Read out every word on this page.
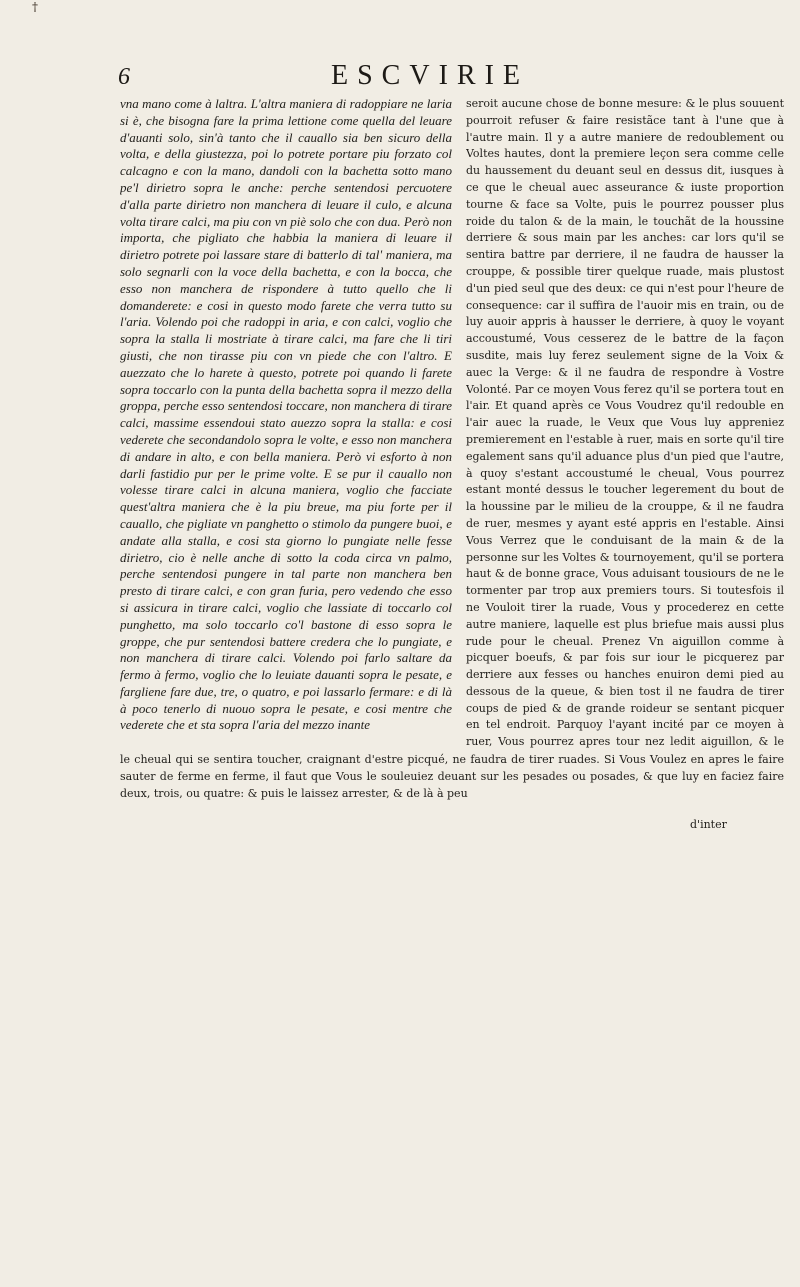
†
6	ESCVIRIE

vna mano come à laltra. L'altra maniera di radoppiare ne laria si è, che bisogna fare la prima lettione come quella del leuare d'auanti solo, sin'à tanto che il cauallo sia ben sicuro della volta, e della giustezza, poi lo potrete portare piu forzato col calcagno e con la mano, dandoli con la bachetta sotto mano pe'l dirietro sopra le anche: perche sentendosi percuotere d'alla parte dirietro non manchera di leuare il culo, e alcuna volta tirare calci, ma piu con vn piè solo che con dua. Però non importa, che pigliato che habbia la maniera di leuare il dirietro potrete poi lassare stare di batterlo di tal' maniera, ma solo segnarli con la voce della bachetta, e con la bocca, che esso non manchera de rispondere à tutto quello che li domanderete: e cosi in questo modo farete che verra tutto su l'aria. Volendo poi che radoppi in aria, e con calci, voglio che sopra la stalla li mostriate à tirare calci, ma fare che li tiri giusti, che non tirasse piu con vn piede che con l'altro. E auezzato che lo harete à questo, potrete poi quando li farete sopra toccarlo con la punta della bachetta sopra il mezzo della groppa, perche esso sentendosi toccare, non manchera di tirare calci, massime essendoui stato auezzo sopra la stalla: e cosi vederete che secondandolo sopra le volte, e esso non manchera di andare in alto, e con bella maniera. Però vi esforto à non darli fastidio pur per le prime volte. E se pur il cauallo non volesse tirare calci in alcuna maniera, voglio che facciate quest'altra maniera che è la piu breue, ma piu forte per il cauallo, che pigliate vn panghetto o stimolo da pungere buoi, e andate alla stalla, e cosi sta giorno lo pungiate nelle fesse dirietro, cio è nelle anche di sotto la coda circa vn palmo, perche sentendosi pungere in tal parte non manchera ben presto di tirare calci, e con gran furia, pero vedendo che esso si assicura in tirare calci, voglio che lassiate di toccarlo col punghetto, ma solo toccarlo co'l bastone di esso sopra le groppe, che pur sentendosi battere credera che lo pungiate, e non manchera di tirare calci. Volendo poi farlo saltare da fermo à fermo, voglio che lo leuiate dauanti sopra le pesate, e fargliene fare due, tre, o quatro, e poi lassarlo fermare: e di là à poco tenerlo di nuouo sopra le pesate, e cosi mentre che vederete che et sta sopra l'aria del mezzo inante

seroit aucune chose de bonne mesure: & le plus souuent pourroit refuser & faire resistãce tant à l'une que à l'autre main. Il y a autre maniere de redoublement ou Voltes hautes, dont la premiere leçon sera comme celle du haussement du deuant seul en dessus dit, iusques à ce que le cheual auec asseurance & iuste proportion tourne & face sa Volte, puis le pourrez pousser plus roide du talon & de la main, le touchãt de la houssine derriere & sous main par les anches: car lors qu'il se sentira battre par derriere, il ne faudra de hausser la crouppe, & possible tirer quelque ruade, mais plustost d'un pied seul que des deux: ce qui n'est pour l'heure de consequence: car il suffira de l'auoir mis en train, ou de luy auoir appris à hausser le derriere, à quoy le voyant accoustumé, Vous cesserez de le battre de la façon susdite, mais luy ferez seulement signe de la Voix & auec la Verge: & il ne faudra de respondre à Vostre Volonté. Par ce moyen Vous ferez qu'il se portera tout en l'air. Et quand après ce Vous Voudrez qu'il redouble en l'air auec la ruade, le Veux que Vous luy appreniez premierement en l'estable à ruer, mais en sorte qu'il tire egalement sans qu'il aduance plus d'un pied que l'autre, à quoy s'estant accoustumé le cheual, Vous pourrez estant monté dessus le toucher legerement du bout de la houssine par le milieu de la crouppe, & il ne faudra de ruer, mesmes y ayant esté appris en l'estable. Ainsi Vous Verrez que le conduisant de la main & de la personne sur les Voltes & tournoyement, qu'il se portera haut & de bonne grace, Vous aduisant tousiours de ne le tormenter par trop aux premiers tours. Si toutesfois il ne Vouloit tirer la ruade, Vous y procederez en cette autre maniere, laquelle est plus briefue mais aussi plus rude pour le cheual. Prenez Vn aiguillon comme à picquer boeufs, & par fois sur iour le picquerez par derriere aux fesses ou hanches enuiron demi pied au dessous de la queue, & bien tost il ne faudra de tirer coups de pied & de grande roideur se sentant picquer en tel endroit. Parquoy l'ayant incité par ce moyen à ruer, Vous pourrez apres tour nez ledit aiguillon, & le

le cheual qui se sentira toucher, craignant d'estre picqué, ne faudra de tirer ruades. Si Vous Voulez en apres le faire sauter de ferme en ferme, il faut que Vous le souleuiez deuant sur les pesades ou posades, & que luy en faciez faire deux, trois, ou quatre: & puis le laissez arrester, & de là à peu

d'inter
